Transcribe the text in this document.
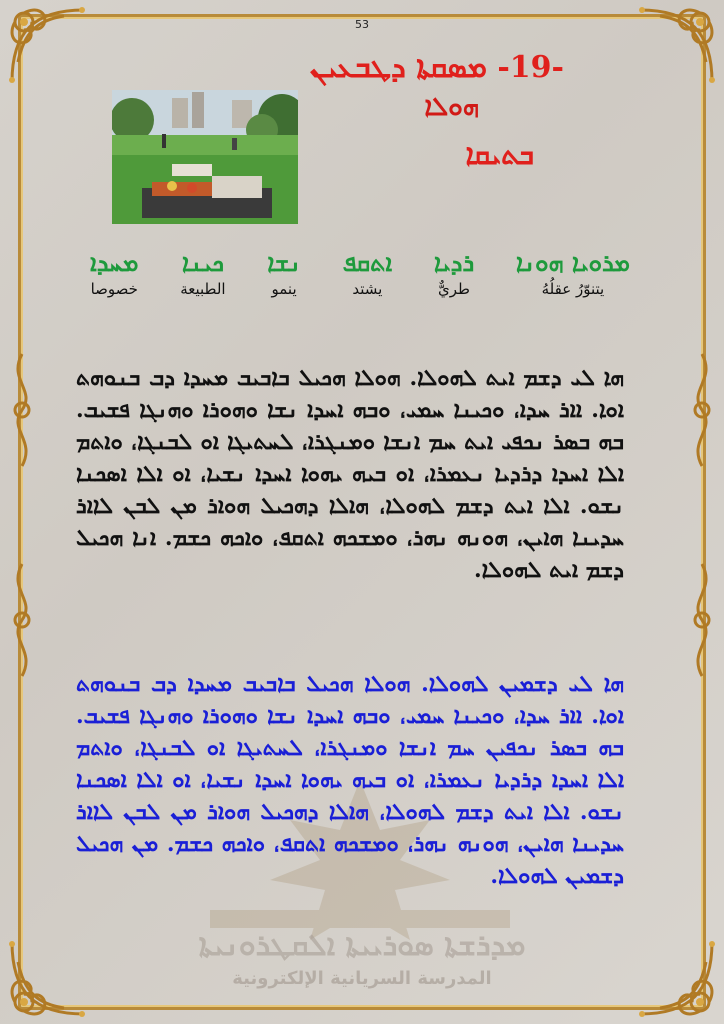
ܡܕܪܫܬܐ ܣܘܪܝܝܬܐ ܐܠܩܛܪܘܢܝܬܐ
المدرسة السريانية الإلكترونية
53
-19- ܡܣܩܬܐ ܕܛܒܥܝܢ
ܗܘܠܐ
ܒܬܝܩܐ
ܡܪܘܝܐ ܗܘܢܐ
يتنوّرُ عقلُهُ
ܪܕܝܐ
طريٌّ
ܐܬܩܦ
يشتد
ܢܫܐ
ينمو
ܟܝܢܐ
الطبيعة
ܡܚܕܐ
خصوصا
ܗܐ ܠܝ ܕܫܡ ܐܝܬ ܠܗܘܠܐ. ܗܘܠܐ ܗܟܝܠ ܒܐܒܝܒ ܡܚܕܐ ܕܒ ܒܢܘܗܬ ܐܘܐ. ܐܐܪ ܚܕܐ، ܘܟܝܢܐ ܚܡܝ، ܘܒܗ ܐܚܕܐ ܢܫܐ ܘܗܘܪܐ ܘܗܢܓܐ ܦܫܝܒ. ܒܗ ܒܣܪ ܢܟܦܝ ܐܝܬ ܚܡ ܐܢܫܐ ܘܡܢܓܪܐ، ܠܚܬܝܓܐ ܐܘ ܠܒܢܓܐ، ܘܐܬܡ ܐܠܐ ܐܚܕܐ ܕܪܕܝܐ ܢܥܡܪܐ، ܐܘ ܒܝܗ ܝܗܘܐ ܐܚܕܐ ܢܫܝܐ، ܐܘ ܐܠܐ ܐܣܟܢܐ ܢܫܘ. ܐܠܐ ܐܝܬ ܕܫܡ ܠܗܘܠܐ، ܗܐܠܐ ܕܗܟܝܠ ܗܘܐܪ ܡܢ ܠܒܢ ܠܐܐܪ ܚܕܝܢܐ ܗܐܝܢ، ܗܘܢܗ ܢܗܪ، ܘܡܫܟܗ ܐܬܩܦ، ܘܐܟܗ ܟܫܡ. ܐܢܐ ܗܟܝܠ ܕܫܡ ܐܝܬ ܠܗܘܠܐ.
ܗܐ ܠܝ ܕܫܡܝܢ ܠܗܘܠܐ. ܗܘܠܐ ܗܟܝܠ ܒܐܒܝܒ ܡܚܕܐ ܕܒ ܒܢܘܗܬ ܐܘܐ. ܐܐܪ ܚܕܐ، ܘܟܝܢܐ ܚܡܝ، ܘܒܗ ܐܚܕܐ ܢܫܐ ܘܗܘܪܐ ܘܗܢܓܐ ܦܫܝܒ. ܒܗ ܒܣܪ ܢܟܦܝܢ ܚܡ ܐܢܫܐ ܘܡܢܓܪܐ، ܠܚܬܝܓܐ ܐܘ ܠܒܢܓܐ، ܘܐܬܡ ܐܠܐ ܐܚܕܐ ܕܪܕܝܐ ܢܥܡܪܐ، ܐܘ ܒܝܗ ܝܗܘܐ ܐܚܕܐ ܢܫܝܐ، ܐܘ ܐܠܐ ܐܣܟܢܐ ܢܫܘ. ܐܠܐ ܐܝܬ ܕܫܡ ܠܗܘܠܐ، ܗܐܠܐ ܕܗܟܝܠ ܗܘܐܪ ܡܢ ܠܒܢ ܠܐܐܪ ܚܕܝܢܐ ܗܐܝܢ، ܗܘܢܗ ܢܗܪ، ܘܡܫܟܗ ܐܬܩܦ، ܘܐܟܗ ܟܫܡ. ܡܢ ܗܟܝܠ ܕܫܡܝܢ ܠܗܘܠܐ.
